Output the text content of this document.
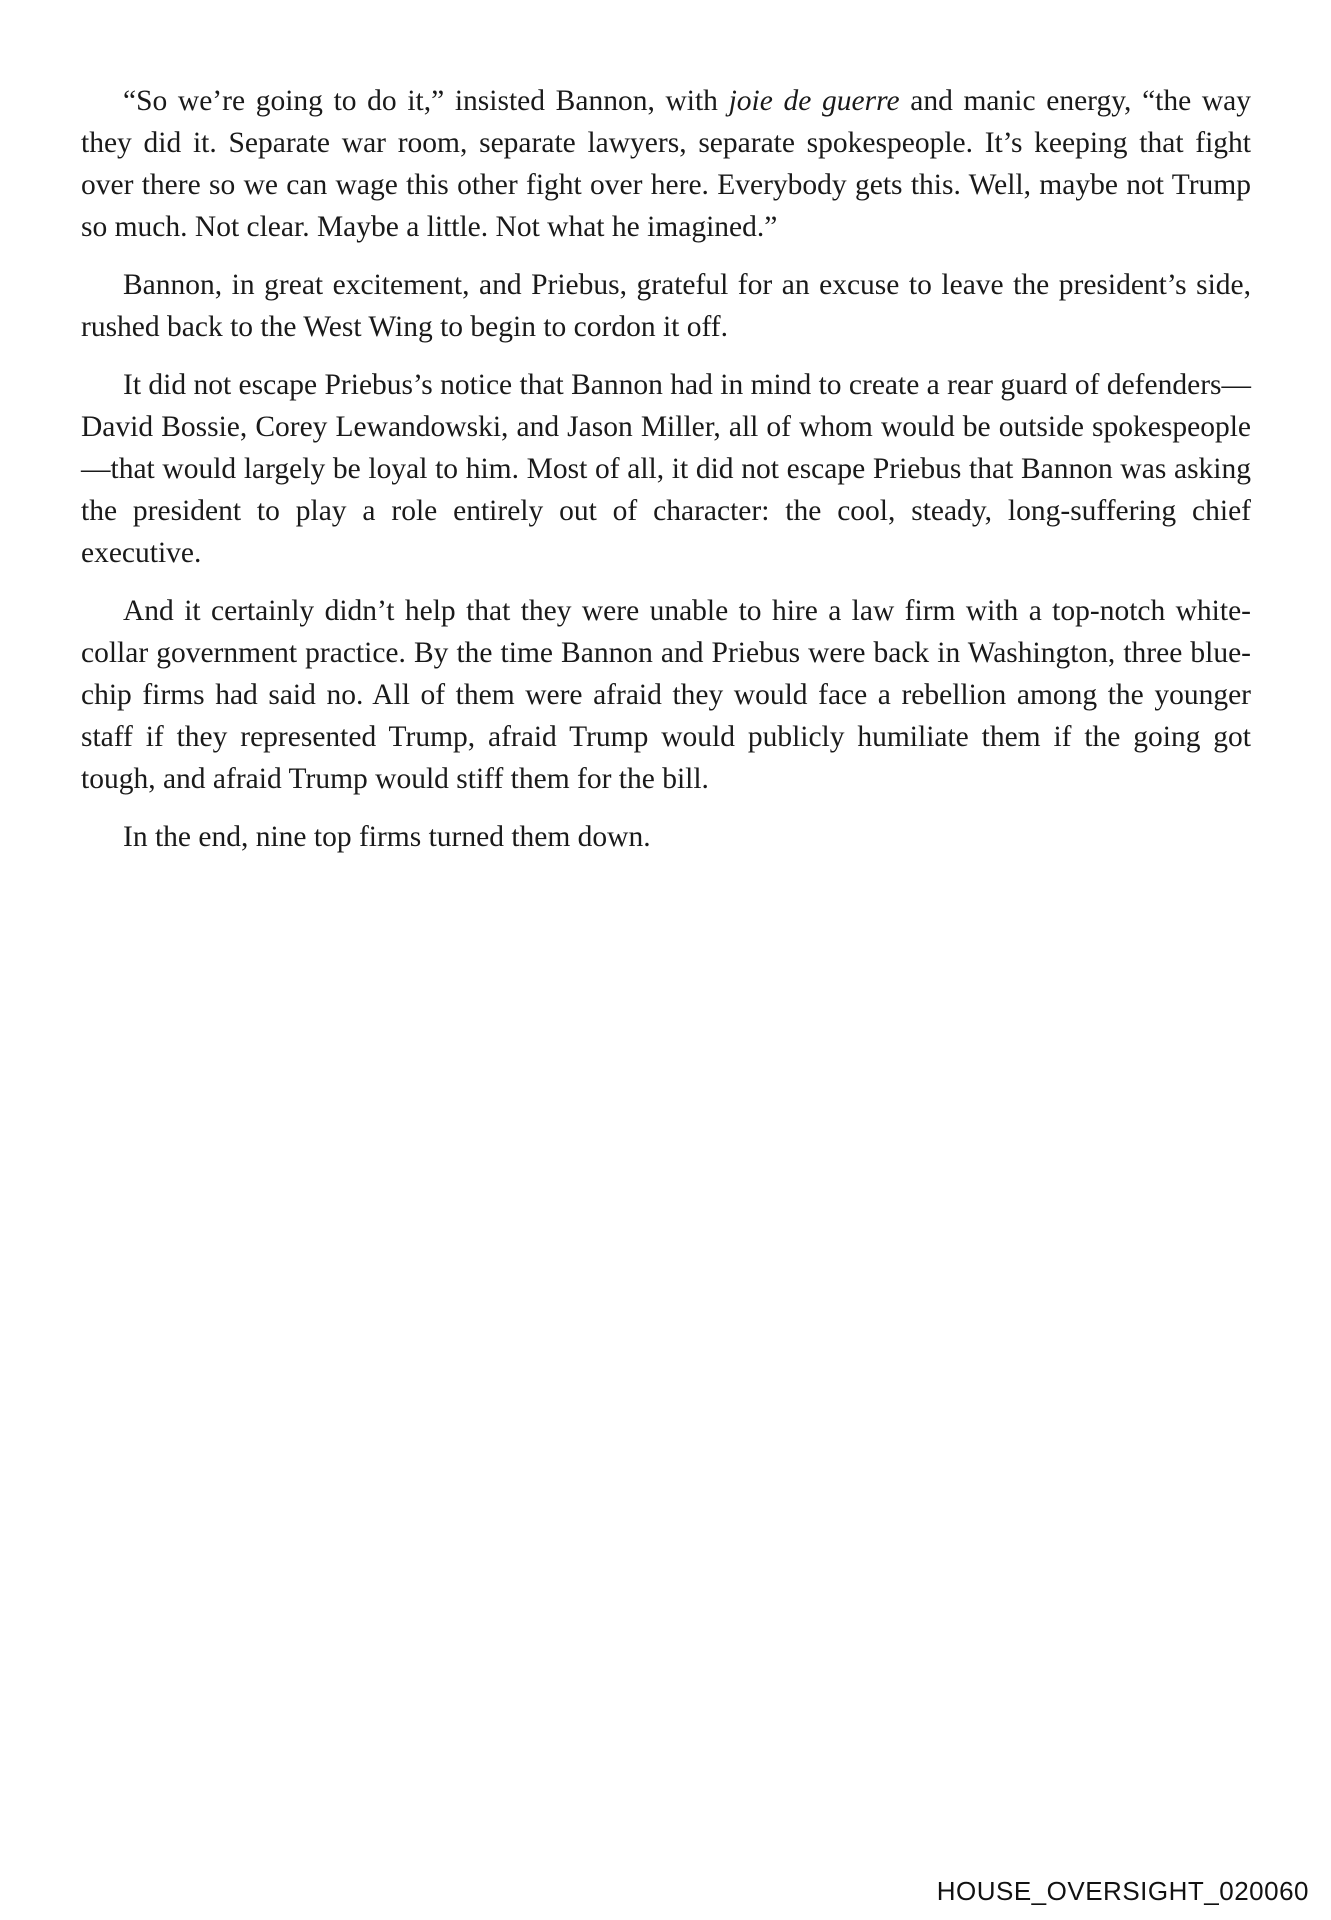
“So we’re going to do it,” insisted Bannon, with joie de guerre and manic energy, “the way they did it. Separate war room, separate lawyers, separate spokespeople. It’s keeping that fight over there so we can wage this other fight over here. Everybody gets this. Well, maybe not Trump so much. Not clear. Maybe a little. Not what he imagined.”

Bannon, in great excitement, and Priebus, grateful for an excuse to leave the president’s side, rushed back to the West Wing to begin to cordon it off.

It did not escape Priebus’s notice that Bannon had in mind to create a rear guard of defenders—David Bossie, Corey Lewandowski, and Jason Miller, all of whom would be outside spokespeople—that would largely be loyal to him. Most of all, it did not escape Priebus that Bannon was asking the president to play a role entirely out of character: the cool, steady, long-suffering chief executive.

And it certainly didn’t help that they were unable to hire a law firm with a top-notch white-collar government practice. By the time Bannon and Priebus were back in Washington, three blue-chip firms had said no. All of them were afraid they would face a rebellion among the younger staff if they represented Trump, afraid Trump would publicly humiliate them if the going got tough, and afraid Trump would stiff them for the bill.

In the end, nine top firms turned them down.

HOUSE_OVERSIGHT_020060
